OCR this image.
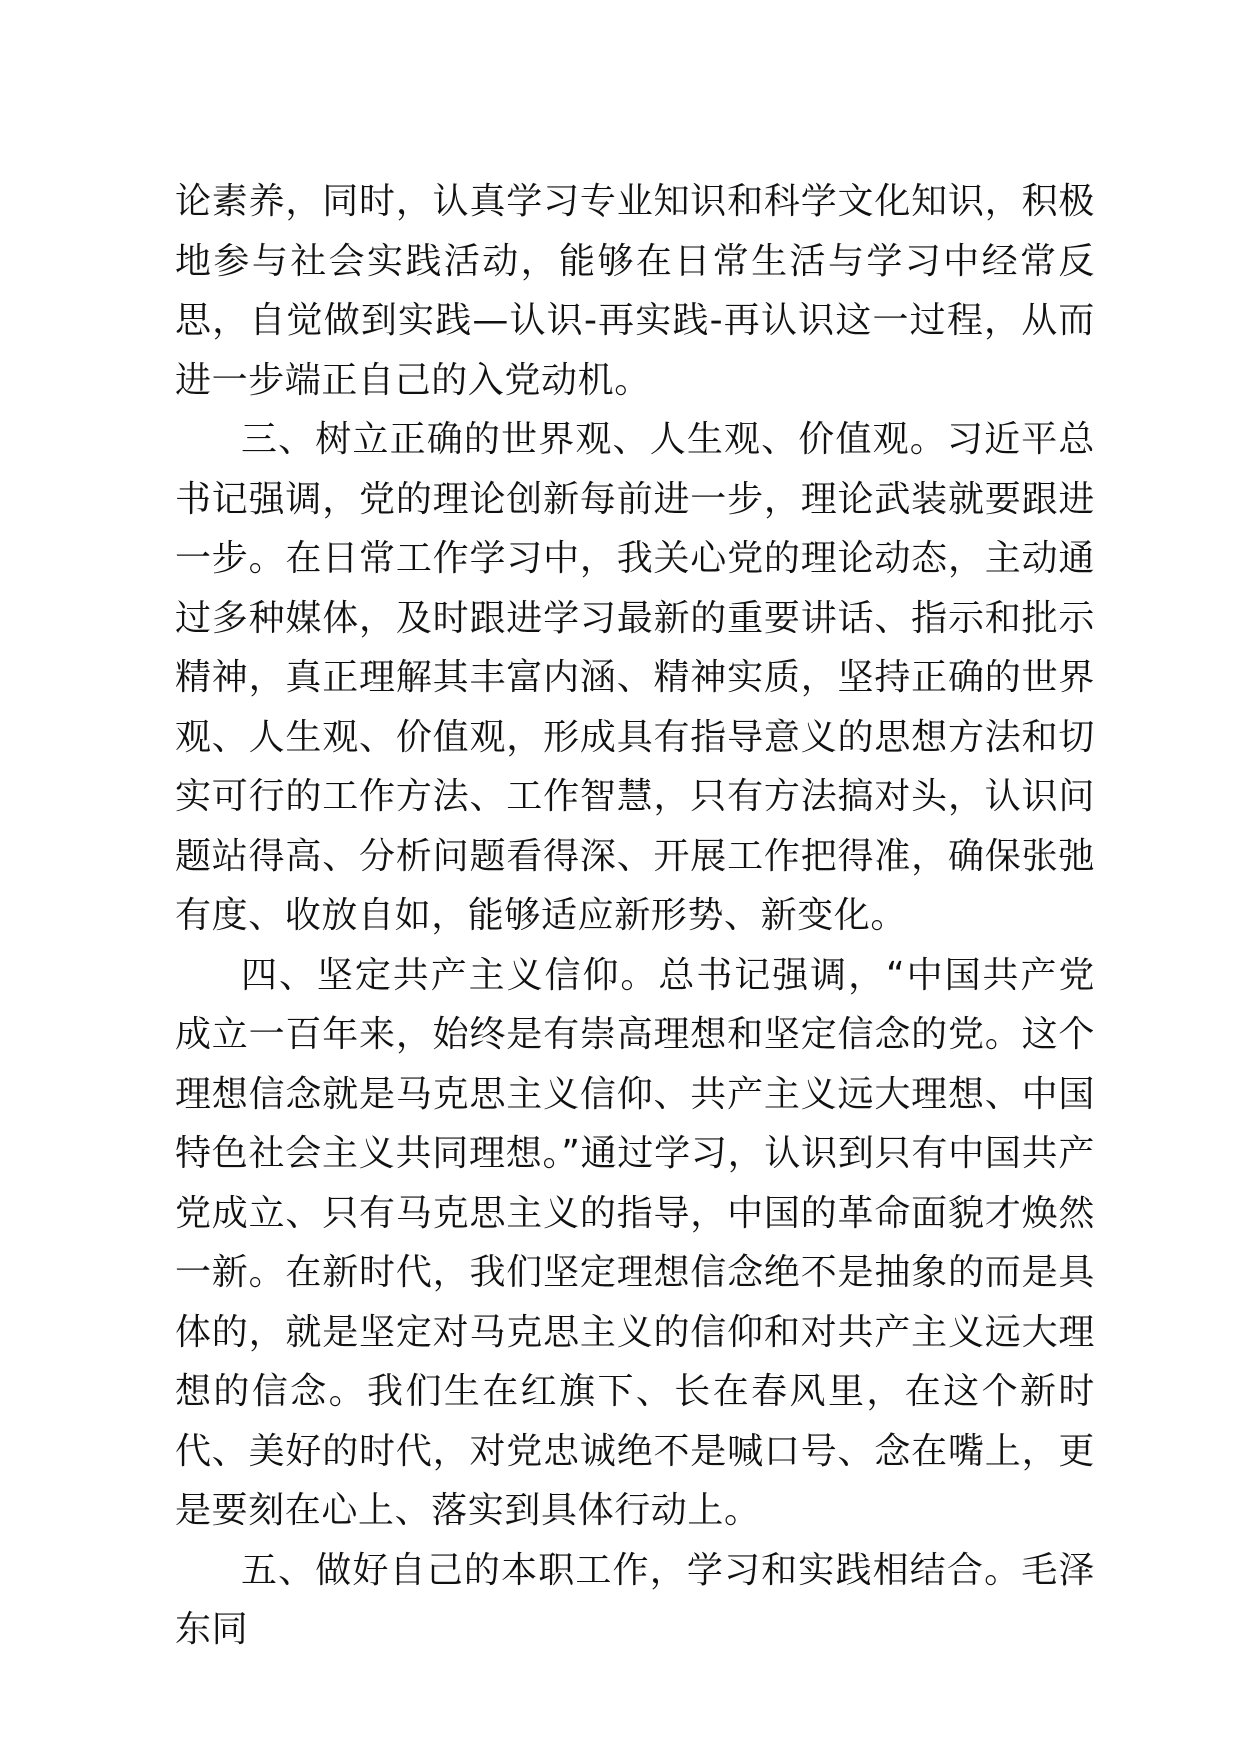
论素养，同时，认真学习专业知识和科学文化知识，积极地参与社会实践活动，能够在日常生活与学习中经常反思，自觉做到实践—认识-再实践-再认识这一过程，从而进一步端正自己的入党动机。

三、树立正确的世界观、人生观、价值观。习近平总书记强调，党的理论创新每前进一步，理论武装就要跟进一步。在日常工作学习中，我关心党的理论动态，主动通过多种媒体，及时跟进学习最新的重要讲话、指示和批示精神，真正理解其丰富内涵、精神实质，坚持正确的世界观、人生观、价值观，形成具有指导意义的思想方法和切实可行的工作方法、工作智慧，只有方法搞对头，认识问题站得高、分析问题看得深、开展工作把得准，确保张弛有度、收放自如，能够适应新形势、新变化。

四、坚定共产主义信仰。总书记强调，“中国共产党成立一百年来，始终是有崇高理想和坚定信念的党。这个理想信念就是马克思主义信仰、共产主义远大理想、中国特色社会主义共同理想。”通过学习，认识到只有中国共产党成立、只有马克思主义的指导，中国的革命面貌才焕然一新。在新时代，我们坚定理想信念绝不是抽象的而是具体的，就是坚定对马克思主义的信仰和对共产主义远大理想的信念。我们生在红旗下、长在春风里，在这个新时代、美好的时代，对党忠诚绝不是喊口号、念在嘴上，更是要刻在心上、落实到具体行动上。

五、做好自己的本职工作，学习和实践相结合。毛泽东同
